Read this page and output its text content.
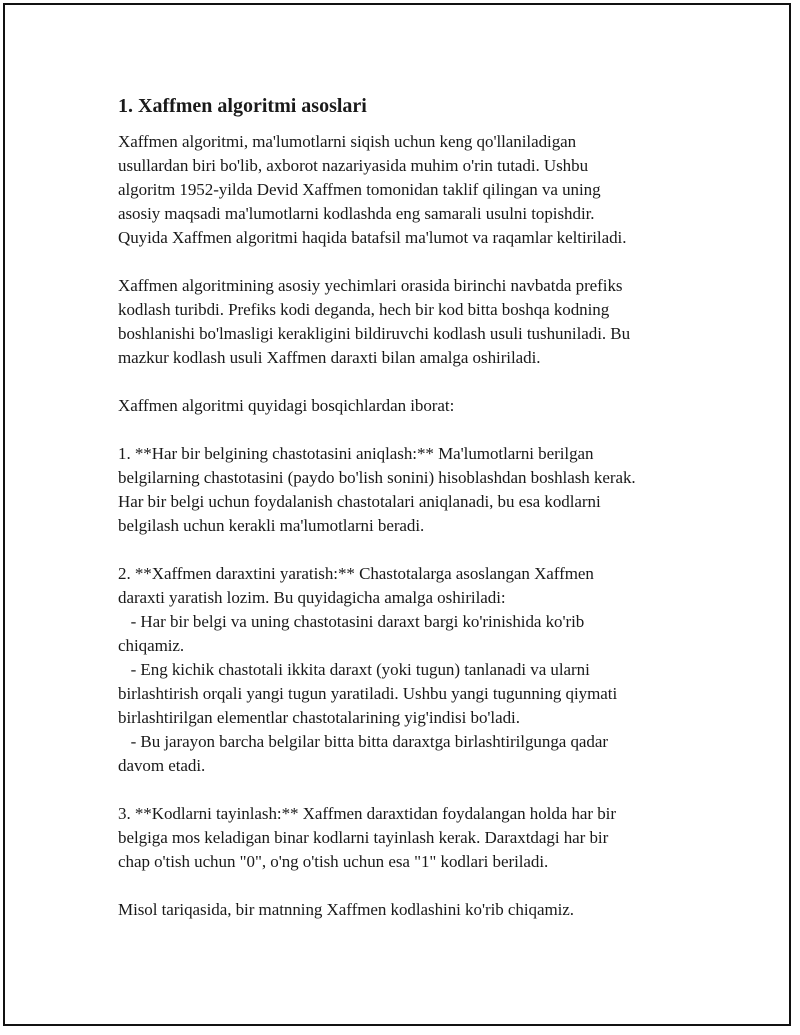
1. Xaffmen algoritmi asoslari
Xaffmen algoritmi, ma'lumotlarni siqish uchun keng qo'llaniladigan
usullardan biri bo'lib, axborot nazariyasida muhim o'rin tutadi. Ushbu
algoritm 1952-yilda Devid Xaffmen tomonidan taklif qilingan va uning
asosiy maqsadi ma'lumotlarni kodlashda eng samarali usulni topishdir.
Quyida Xaffmen algoritmi haqida batafsil ma'lumot va raqamlar keltiriladi.
Xaffmen algoritmining asosiy yechimlari orasida birinchi navbatda prefiks
kodlash turibdi. Prefiks kodi deganda, hech bir kod bitta boshqa kodning
boshlanishi bo'lmasligi kerakligini bildiruvchi kodlash usuli tushuniladi. Bu
mazkur kodlash usuli Xaffmen daraxti bilan amalga oshiriladi.
Xaffmen algoritmi quyidagi bosqichlardan iborat:
1. **Har bir belgining chastotasini aniqlash:** Ma'lumotlarni berilgan
belgilarning chastotasini (paydo bo'lish sonini) hisoblashdan boshlash kerak.
Har bir belgi uchun foydalanish chastotalari aniqlanadi, bu esa kodlarni
belgilash uchun kerakli ma'lumotlarni beradi.
2. **Xaffmen daraxtini yaratish:** Chastotalarga asoslangan Xaffmen
daraxti yaratish lozim. Bu quyidagicha amalga oshiriladi:
- Har bir belgi va uning chastotasini daraxt bargi ko'rinishida ko'rib
chiqamiz.
- Eng kichik chastotali ikkita daraxt (yoki tugun) tanlanadi va ularni
birlashtirish orqali yangi tugun yaratiladi. Ushbu yangi tugunning qiymati
birlashtirilgan elementlar chastotalarining yig'indisi bo'ladi.
- Bu jarayon barcha belgilar bitta bitta daraxtga birlashtirilgunga qadar
davom etadi.
3. **Kodlarni tayinlash:** Xaffmen daraxtidan foydalangan holda har bir
belgiga mos keladigan binar kodlarni tayinlash kerak. Daraxtdagi har bir
chap o'tish uchun "0", o'ng o'tish uchun esa "1" kodlari beriladi.
Misol tariqasida, bir matnning Xaffmen kodlashini ko'rib chiqamiz.
